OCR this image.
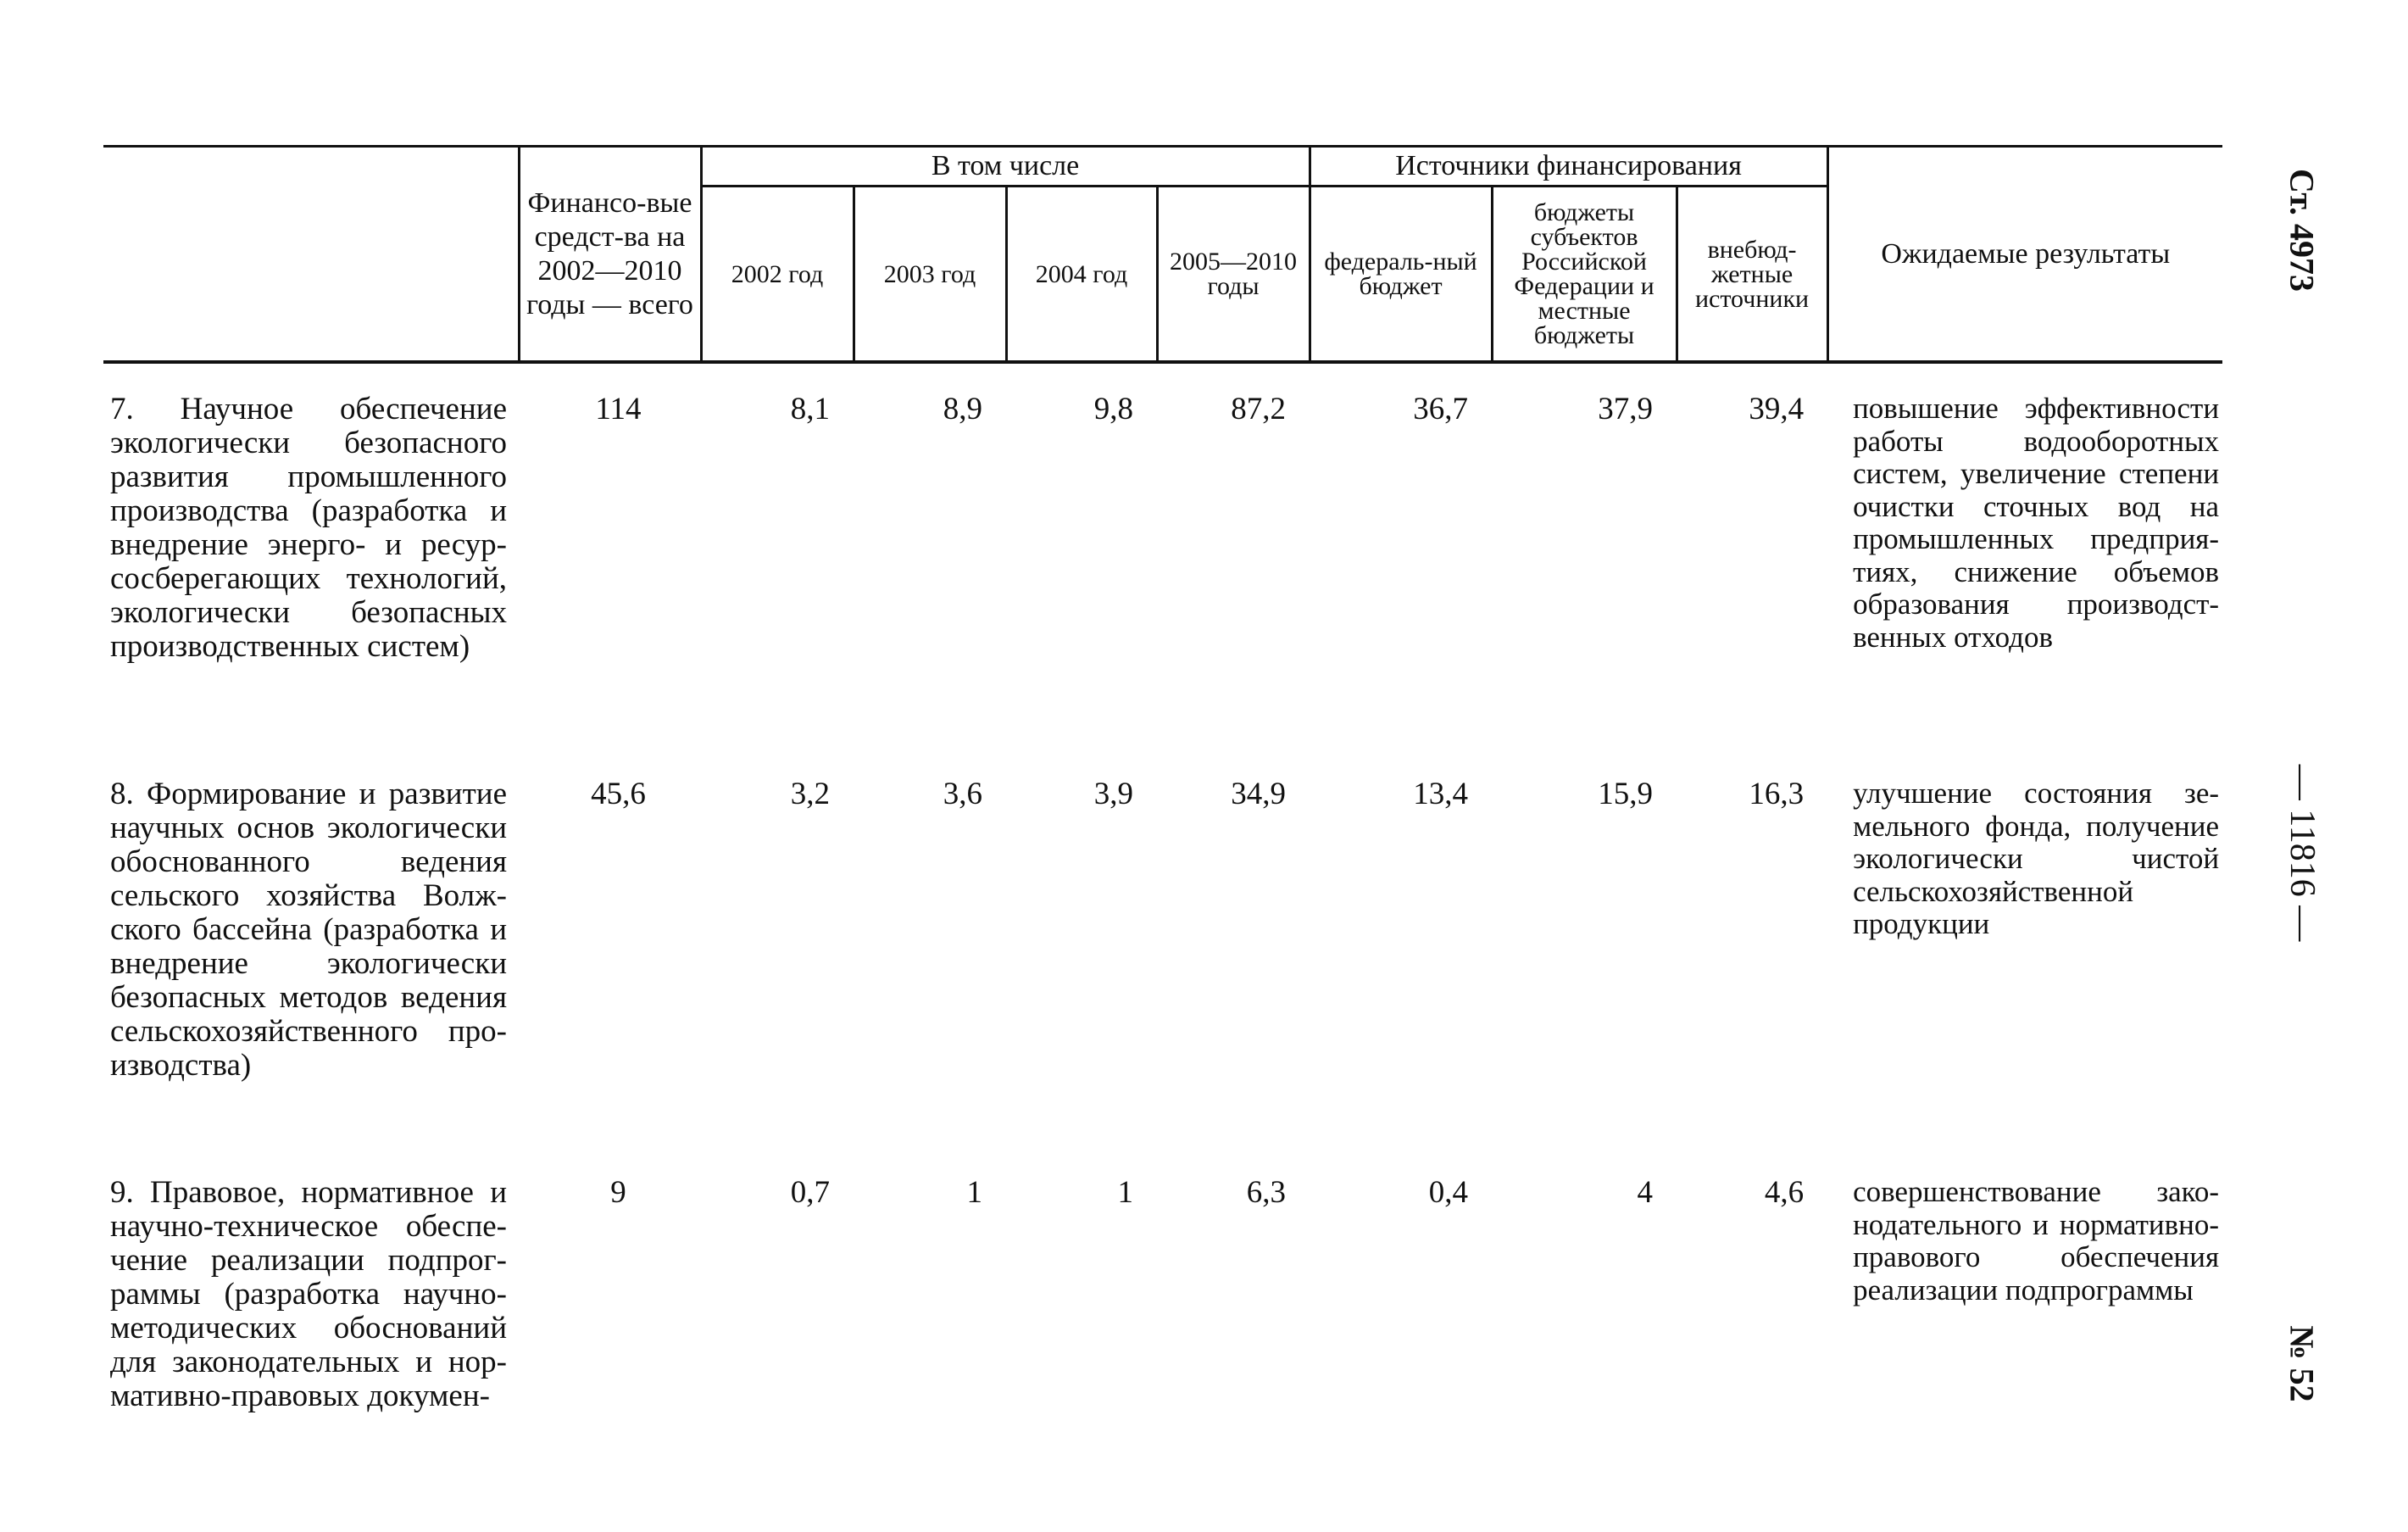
	Финансо-вые средст-ва на 2002—2010 годы — всего	В том числе				Источники финансирования			Ожидаемые результаты
		2002 год	2003 год	2004 год	2005—2010 годы	федераль-ный бюджет	бюджеты субъектов Российской Федерации и местные бюджеты	внебюд-жетные источники	
7. Научное обеспечение экологически безопасного развития промышленного производства (разработка и внедрение энерго- и ресурсосберегающих технологий, экологически безопасных производственных систем)	114	8,1	8,9	9,8	87,2	36,7	37,9	39,4	повышение эффективности работы водооборотных систем, увеличение степени очистки сточных вод на промышленных предприятиях, снижение объемов образования производственных отходов
8. Формирование и развитие научных основ экологически обоснованного ведения сельского хозяйства Волжского бассейна (разработка и внедрение экологически безопасных методов ведения сельскохозяйственного производства)	45,6	3,2	3,6	3,9	34,9	13,4	15,9	16,3	улучшение состояния земельного фонда, получение экологически чистой сельскохозяйственной продукции
9. Правовое, нормативное и научно-техническое обеспечение реализации подпрограммы (разработка научно-методических обоснований для законодательных и нормативно-правовых докумен-	9	0,7	1	1	6,3	0,4	4	4,6	совершенствование законодательного и нормативно-правового обеспечения реализации подпрограммы
Ст. 4973
— 11816 —
№ 52
